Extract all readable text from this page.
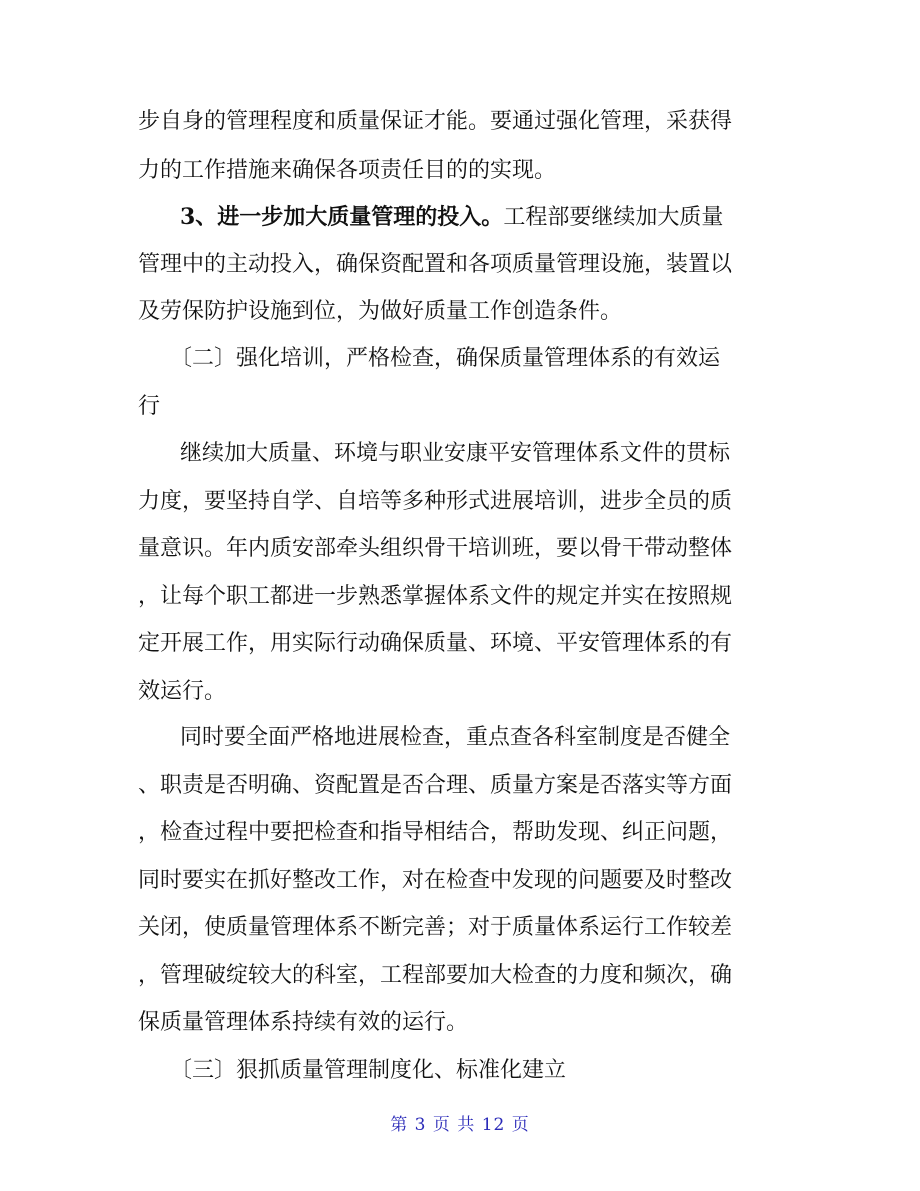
步自身的管理程度和质量保证才能。要通过强化管理，采获得
力的工作措施来确保各项责任目的的实现。
3、进一步加大质量管理的投入。工程部要继续加大质量
管理中的主动投入，确保资配置和各项质量管理设施，装置以
及劳保防护设施到位，为做好质量工作创造条件。
〔二〕强化培训，严格检查，确保质量管理体系的有效运
行
继续加大质量、环境与职业安康平安管理体系文件的贯标
力度，要坚持自学、自培等多种形式进展培训，进步全员的质
量意识。年内质安部牵头组织骨干培训班，要以骨干带动整体
，让每个职工都进一步熟悉掌握体系文件的规定并实在按照规
定开展工作，用实际行动确保质量、环境、平安管理体系的有
效运行。
同时要全面严格地进展检查，重点查各科室制度是否健全
、职责是否明确、资配置是否合理、质量方案是否落实等方面
，检查过程中要把检查和指导相结合，帮助发现、纠正问题，
同时要实在抓好整改工作，对在检查中发现的问题要及时整改
关闭，使质量管理体系不断完善；对于质量体系运行工作较差
，管理破绽较大的科室，工程部要加大检查的力度和频次，确
保质量管理体系持续有效的运行。
〔三〕狠抓质量管理制度化、标准化建立
第 3 页 共 12 页
